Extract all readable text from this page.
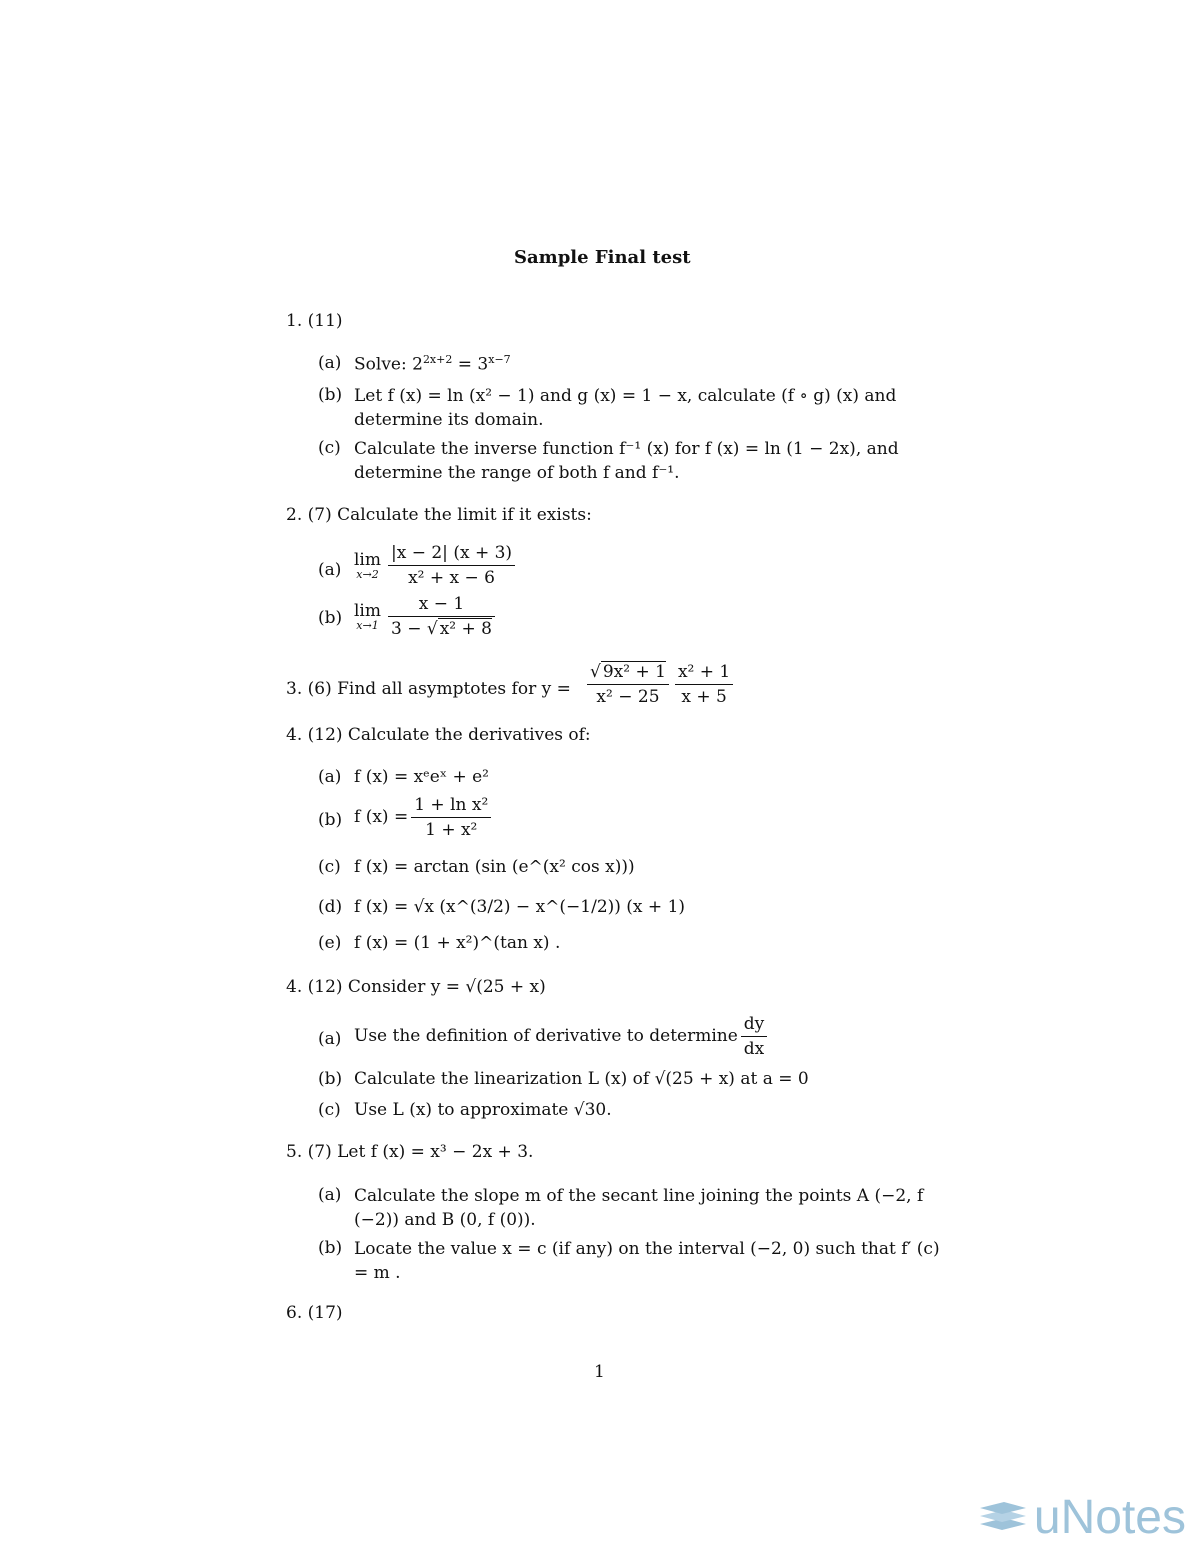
Sample Final test
1. (11)
(a) Solve: $2^{2x+2} = 3^{x-7}$
(b) Let f (x) = ln (x² − 1) and g (x) = 1 − x, calculate (f ∘ g) (x) and determine its domain.
(c) Calculate the inverse function f⁻¹ (x) for f (x) = ln (1 − 2x), and determine the range of both f and f⁻¹.
2. (7) Calculate the limit if it exists:
(a)
lim
$x\to 2 \frac{|x - 2| (x + 3)}{\text{x² + x − 6}}$
(b) lim
$x\to 1 \frac{x - 1}{\text{3 − √ x² + 8}}$
3. (6) Find all asymptotes for $y = \frac{\text{√ 9x² + 1}}{\text{x² − 25}} \frac{\text{x² + 1}}{x + 5}$
4. (12) Calculate the derivatives of:
(a) f (x) = xᵉeˣ + e²
(b) f $(x) = \frac{\text{1 + ln x²}}{\text{1 + x²}}$
(c) f (x) = arctan (sin (e^(x² cos x)))
(d) f (x) = √x (x^(3/2) − x^(−1/2)) (x + 1)
(e) f (x) = (1 + x²)^(tan x) .
4. (12) Consider y = √(25 + x)
(a) Use the definition of derivative to determine $\frac{dy}{dx}$
(b) Calculate the linearization L (x) of √(25 + x) at a = 0
(c) Use L (x) to approximate √30.
5. (7) Let f (x) = x³ − 2x + 3.
(a) Calculate the slope m of the secant line joining the points A (−2, f (−2)) and B (0, f (0)).
(b) Locate the value x = c (if any) on the interval (−2, 0) such that f′ (c) = m .
6. (17)
1
uNotes
